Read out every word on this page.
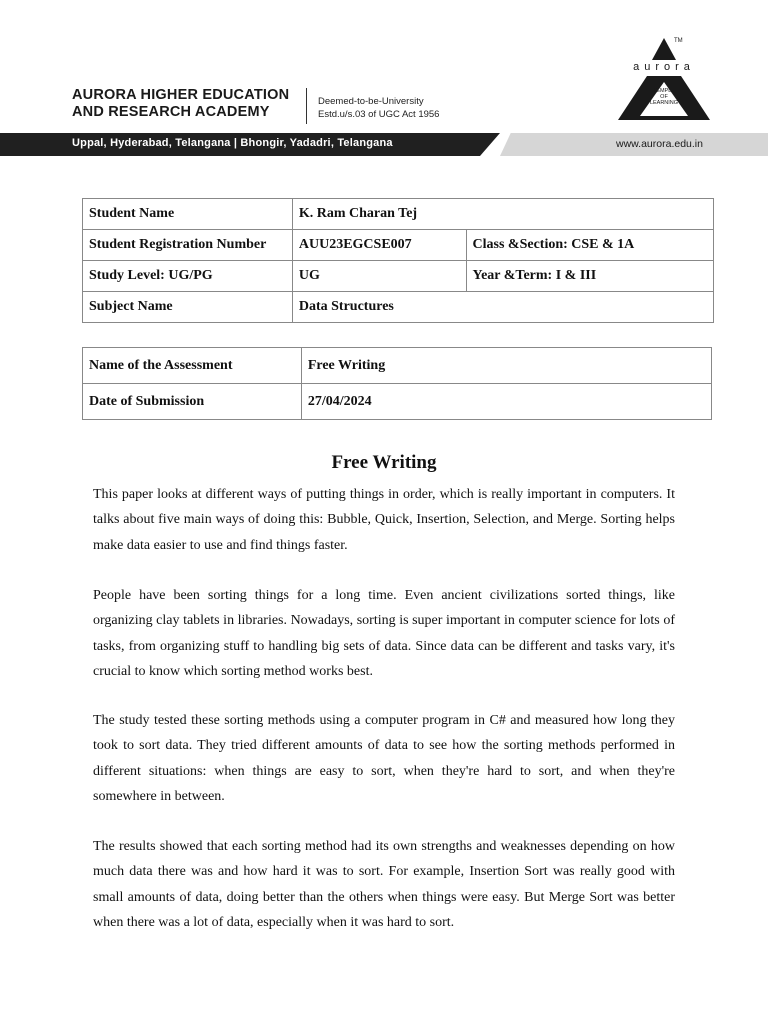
AURORA HIGHER EDUCATION
AND RESEARCH ACADEMY
Deemed-to-be-University
Estd.u/s.03 of UGC Act 1956
TM
aurora
TEMPLE
OF
LEARNING
Uppal, Hyderabad, Telangana | Bhongir, Yadadri, Telangana	www.aurora.edu.in
Student Name	K. Ram Charan Tej	
Student Registration Number	AUU23EGCSE007	Class &Section: CSE & 1A
Study Level: UG/PG	UG	Year &Term: I & III
Subject Name	Data Structures	
Name of the Assessment	Free Writing
Date of Submission	27/04/2024
Free Writing

This paper looks at different ways of putting things in order, which is really important in computers. It talks about five main ways of doing this: Bubble, Quick, Insertion, Selection, and Merge. Sorting helps make data easier to use and find things faster.

People have been sorting things for a long time. Even ancient civilizations sorted things, like organizing clay tablets in libraries. Nowadays, sorting is super important in computer science for lots of tasks, from organizing stuff to handling big sets of data. Since data can be different and tasks vary, it's crucial to know which sorting method works best.

The study tested these sorting methods using a computer program in C# and measured how long they took to sort data. They tried different amounts of data to see how the sorting methods performed in different situations: when things are easy to sort, when they're hard to sort, and when they're somewhere in between.

The results showed that each sorting method had its own strengths and weaknesses depending on how much data there was and how hard it was to sort. For example, Insertion Sort was really good with small amounts of data, doing better than the others when things were easy. But Merge Sort was better when there was a lot of data, especially when it was hard to sort.
